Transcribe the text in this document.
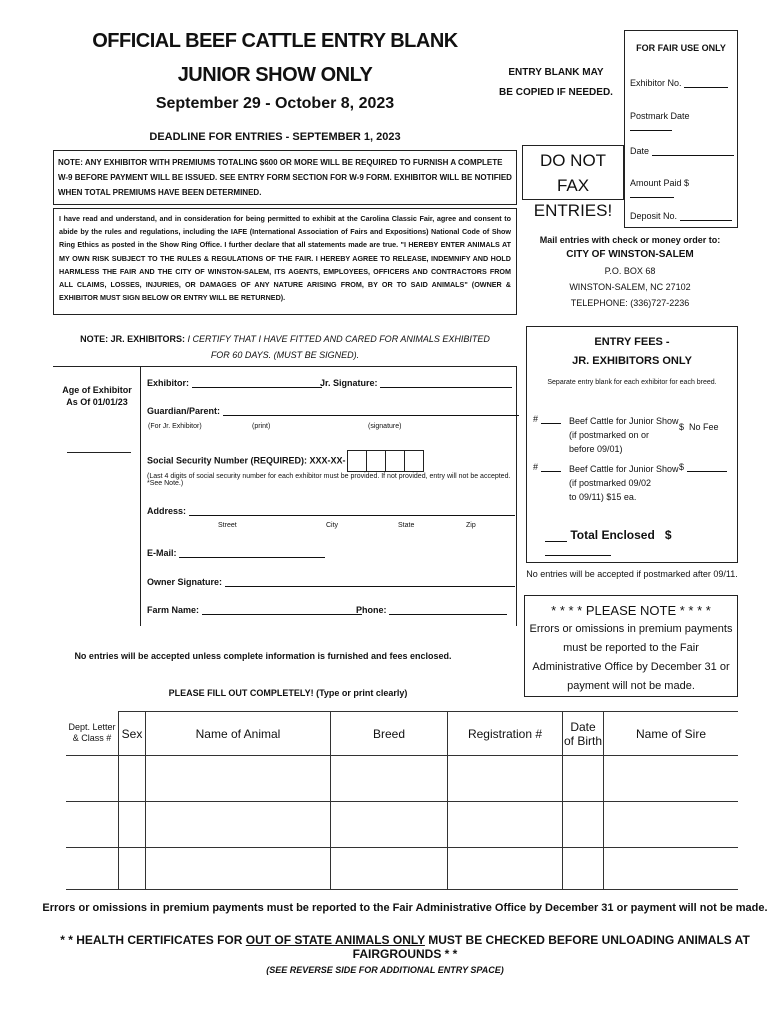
OFFICIAL BEEF CATTLE ENTRY BLANK
JUNIOR SHOW ONLY
September 29 - October 8, 2023
DEADLINE FOR ENTRIES - SEPTEMBER 1, 2023
ENTRY BLANK MAY
BE COPIED IF NEEDED.
FOR FAIR USE ONLY
Exhibitor No.
Postmark Date
Date
Amount Paid $
Deposit No.
NOTE: ANY EXHIBITOR WITH PREMIUMS TOTALING $600 OR MORE WILL BE REQUIRED TO FURNISH A COMPLETE W-9 BEFORE PAYMENT WILL BE ISSUED. SEE ENTRY FORM SECTION FOR W-9 FORM. EXHIBITOR WILL BE NOTIFIED WHEN TOTAL PREMIUMS HAVE BEEN DETERMINED.
DO NOT
FAX ENTRIES!
I have read and understand, and in consideration for being permitted to exhibit at the Carolina Classic Fair, agree and consent to abide by the rules and regulations, including the IAFE (International Association of Fairs and Expositions) National Code of Show Ring Ethics as posted in the Show Ring Office. I further declare that all statements made are true. "I HEREBY ENTER ANIMALS AT MY OWN RISK SUBJECT TO THE RULES & REGULATIONS OF THE FAIR. I HEREBY AGREE TO RELEASE, INDEMNIFY AND HOLD HARMLESS THE FAIR AND THE CITY OF WINSTON-SALEM, ITS AGENTS, EMPLOYEES, OFFICERS AND CONTRACTORS FROM ALL CLAIMS, LOSSES, INJURIES, OR DAMAGES OF ANY NATURE ARISING FROM, BY OR TO SAID ANIMALS" (OWNER & EXHIBITOR MUST SIGN BELOW OR ENTRY WILL BE RETURNED).
Mail entries with check or money order to:
CITY OF WINSTON-SALEM
P.O. BOX 68
WINSTON-SALEM, NC 27102
TELEPHONE: (336)727-2236
NOTE: JR. EXHIBITORS: I CERTIFY THAT I HAVE FITTED AND CARED FOR ANIMALS EXHIBITED
FOR 60 DAYS. (MUST BE SIGNED).
Age of Exhibitor
As Of 01/01/23
Exhibitor:	Jr. Signature:
Guardian/Parent:
(For Jr. Exhibitor)	(print)	(signature)
Social Security Number (REQUIRED): XXX-XX-
(Last 4 digits of social security number for each exhibitor must be provided. If not provided, entry will not be accepted. *See Note.)
Address:
Street	City	State	Zip
E-Mail:
Owner Signature:
Farm Name:	Phone:
No entries will be accepted unless complete information is furnished and fees enclosed.
PLEASE FILL OUT COMPLETELY! (Type or print clearly)
ENTRY FEES -
JR. EXHIBITORS ONLY
Separate entry blank for each exhibitor for each breed.
#	Beef Cattle for Junior Show
(if postmarked on or
before 09/01)
$ No Fee
#	Beef Cattle for Junior Show
(if postmarked 09/02
to 09/11) $15 ea.
$
Total Enclosed $
No entries will be accepted if postmarked after 09/11.
* * * * PLEASE NOTE * * * *
Errors or omissions in premium payments must be reported to the Fair Administrative Office by December 31 or payment will not be made.
Dept. Letter & Class #	Sex	Name of Animal	Breed	Registration #	Date of Birth	Name of Sire

Errors or omissions in premium payments must be reported to the Fair Administrative Office by December 31 or payment will not be made.
* * HEALTH CERTIFICATES FOR OUT OF STATE ANIMALS ONLY MUST BE CHECKED BEFORE UNLOADING ANIMALS AT FAIRGROUNDS * *
(SEE REVERSE SIDE FOR ADDITIONAL ENTRY SPACE)
